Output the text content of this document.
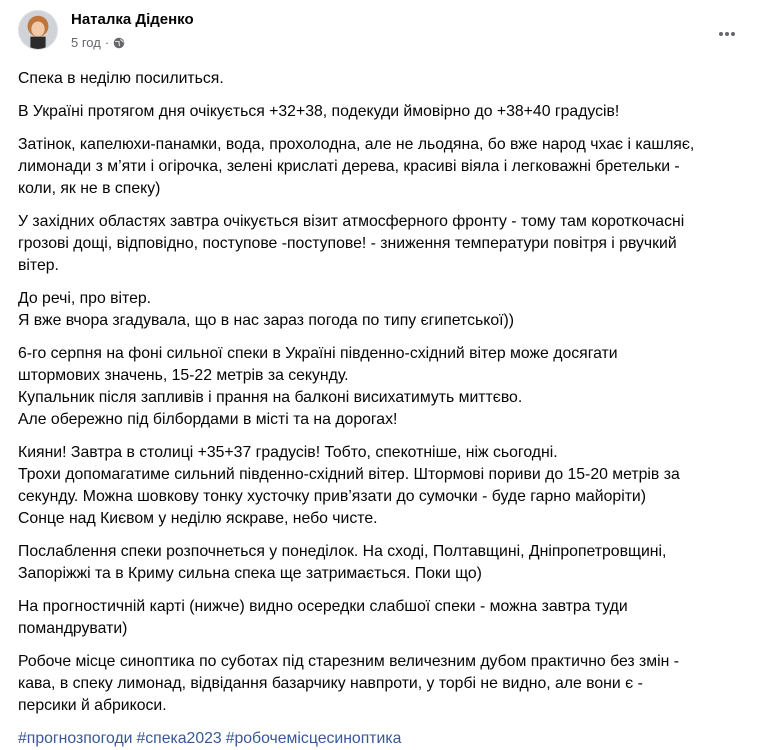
Наталка Діденко
5 год ·

Спека в неділю посилиться.

В Україні протягом дня очікується +32+38, подекуди ймовірно до +38+40 градусів!

Затінок, капелюхи-панамки, вода, прохолодна, але не льодяна, бо вже народ чхає і кашляє,
лимонади з м’яти і огірочка, зелені крислаті дерева, красиві віяла і легковажні бретельки -
коли, як не в спеку)

У західних областях завтра очікується візит атмосферного фронту - тому там короткочасні
грозові дощі, відповідно, поступове -поступове! - зниження температури повітря і рвучкий
вітер.

До речі, про вітер.
Я вже вчора згадувала, що в нас зараз погода по типу єгипетської))

6-го серпня на фоні сильної спеки в Україні південно-східний вітер може досягати
штормових значень, 15-22 метрів за секунду.
Купальник після запливів і прання на балконі висихатимуть миттєво.
Але обережно під білбордами в місті та на дорогах!

Кияни! Завтра в столиці +35+37 градусів! Тобто, спекотніше, ніж сьогодні.
Трохи допомагатиме сильний південно-східний вітер. Штормові пориви до 15-20 метрів за
секунду. Можна шовкову тонку хусточку прив’язати до сумочки - буде гарно майоріти)
Сонце над Києвом у неділю яскраве, небо чисте.

Послаблення спеки розпочнеться у понеділок. На сході, Полтавщині, Дніпропетровщині,
Запоріжжі та в Криму сильна спека ще затримається. Поки що)

На прогностичній карті (нижче) видно осередки слабшої спеки - можна завтра туди
помандрувати)

Робоче місце синоптика по суботах під старезним величезним дубом практично без змін -
кава, в спеку лимонад, відвідання базарчику навпроти, у торбі не видно, але вони є -
персики й абрикоси.

#прогнозпогоди #спека2023 #робочемісцесиноптика
